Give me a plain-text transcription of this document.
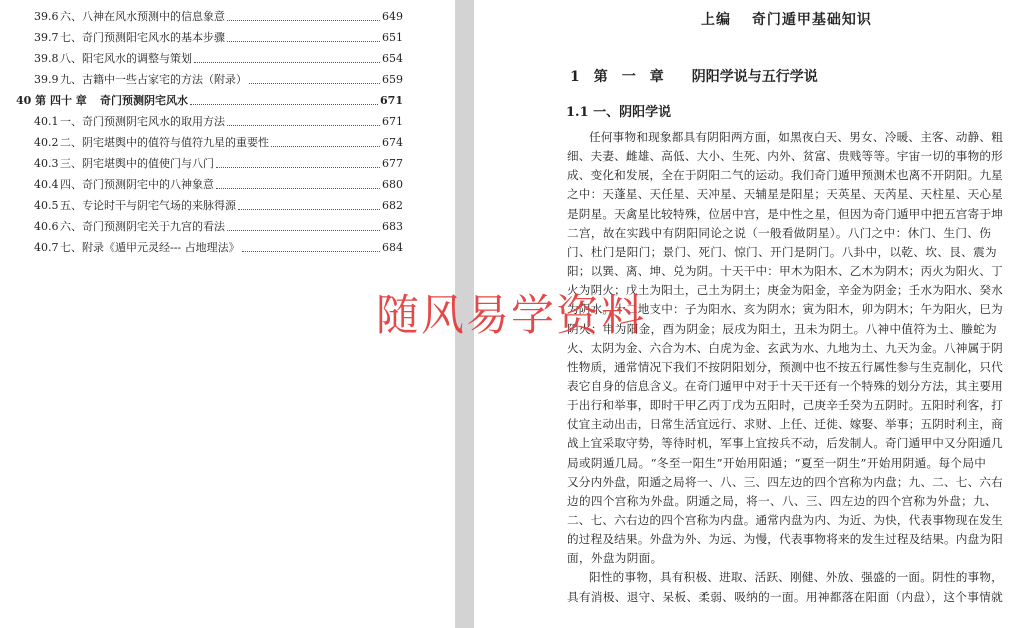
39.6 六、八神在风水预测中的信息象意	649
39.7 七、奇门预测阳宅风水的基本步骤	651
39.8 八、阳宅风水的调整与策划	654
39.9 九、古籍中一些占家宅的方法（附录）	659
40 第 四十 章 奇门预测阴宅风水	671
40.1 一、奇门预测阴宅风水的取用方法	671
40.2 二、阴宅堪舆中的值符与值符九星的重要性	674
40.3 三、阴宅堪舆中的值使门与八门	677
40.4 四、奇门预测阴宅中的八神象意	680
40.5 五、专论时干与阴宅气场的来脉得源	682
40.6 六、奇门预测阴宅关于九宫的看法	683
40.7 七、附录《遁甲元灵经--- 占地理法》	684
上编　 奇门遁甲基础知识
1　第　一　章　　阴阳学说与五行学说
1.1 一、阴阳学说
任何事物和现象都具有阴阳两方面，如黑夜白天、男女、冷暖、主客、动静、粗
细、夫妻、雌雄、高低、大小、生死、内外、贫富、贵贱等等。宇宙一切的事物的形
成、变化和发展，全在于阴阳二气的运动。我们奇门遁甲预测术也离不开阴阳。九星
之中：天蓬星、天任星、天冲星、天辅星是阳星；天英星、天芮星、天柱星、天心星
是阴星。天禽星比较特殊，位居中宫，是中性之星，但因为奇门遁甲中把五宫寄于坤
二宫，故在实践中有阴阳同论之说（一般看做阴星）。八门之中：休门、生门、伤
门、杜门是阳门；景门、死门、惊门、开门是阴门。八卦中，以乾、坎、艮、震为
阳；以巽、离、坤、兑为阴。十天干中：甲木为阳木、乙木为阴木；丙火为阳火、丁
火为阴火；戊土为阳土，己土为阴土；庚金为阳金，辛金为阴金；壬水为阳水、癸水
为阴水。十二地支中：子为阳水、亥为阴水；寅为阳木，卯为阴木；午为阳火，巳为
阴火；申为阳金，酉为阴金；辰戌为阳土，丑未为阴土。八神中值符为土、螣蛇为
火、太阴为金、六合为木、白虎为金、玄武为水、九地为土、九天为金。八神属于阴
性物质，通常情况下我们不按阴阳划分，预测中也不按五行属性参与生克制化，只代
表它自身的信息含义。在奇门遁甲中对于十天干还有一个特殊的划分方法，其主要用
于出行和举事，即时干甲乙丙丁戊为五阳时，己庚辛壬癸为五阴时。五阳时利客，打
仗宜主动出击，日常生活宜远行、求财、上任、迁徙、嫁娶、举事；五阴时利主，商
战上宜采取守势，等待时机，军事上宜按兵不动，后发制人。奇门遁甲中又分阳遁几
局或阴遁几局。“冬至一阳生”开始用阳遁；“夏至一阴生”开始用阴遁。每个局中
又分内外盘，阳遁之局将一、八、三、四左边的四个宫称为内盘；九、二、七、六右
边的四个宫称为外盘。阴遁之局，将一、八、三、四左边的四个宫称为外盘；九、
二、七、六右边的四个宫称为内盘。通常内盘为内、为近、为快，代表事物现在发生
的过程及结果。外盘为外、为远、为慢，代表事物将来的发生过程及结果。内盘为阳
面，外盘为阴面。
阳性的事物，具有积极、进取、活跃、刚健、外放、强盛的一面。阴性的事物，
具有消极、退守、呆板、柔弱、吸纳的一面。用神都落在阳面（内盘），这个事情就
随风易学资料
